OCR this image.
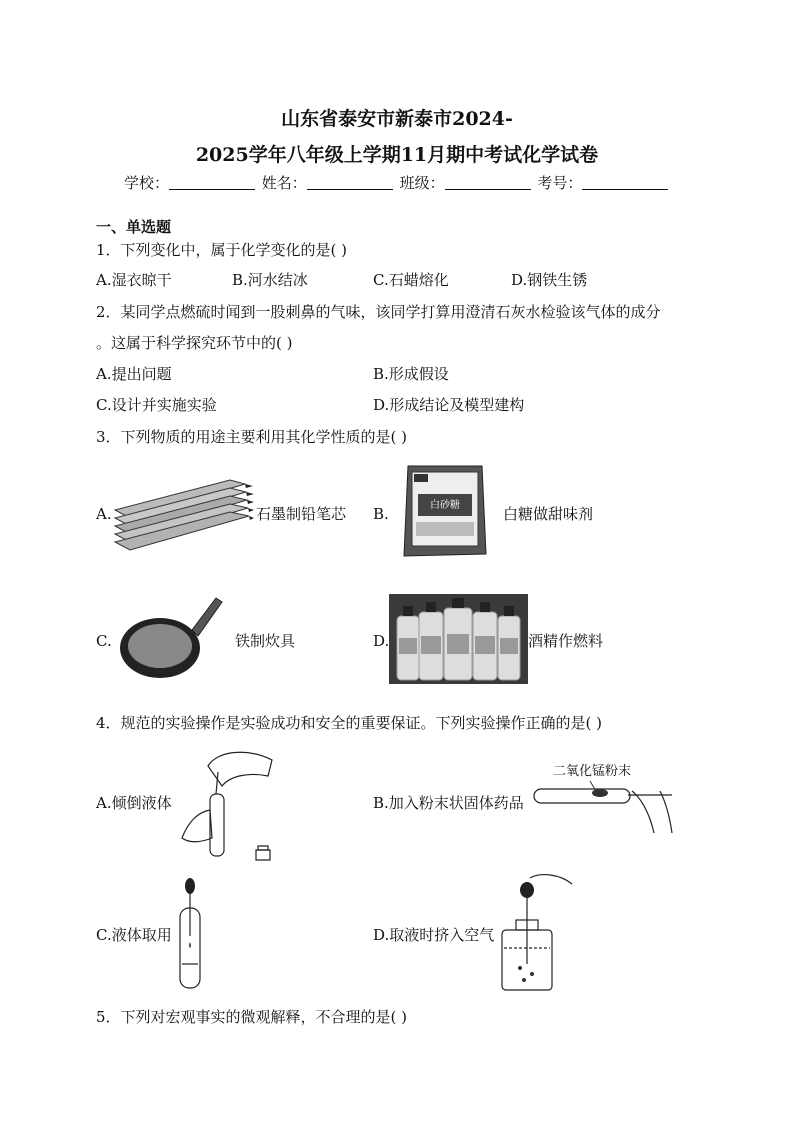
山东省泰安市新泰市2024-
2025学年八年级上学期11月期中考试化学试卷
学校：	姓名：	班级：	考号：
一、单选题
1．下列变化中，属于化学变化的是( )
A.湿衣晾干	B.河水结冰	C.石蜡熔化	D.钢铁生锈
2．某同学点燃硫时闻到一股刺鼻的气味，该同学打算用澄清石灰水检验该气体的成分
。这属于科学探究环节中的( )
A.提出问题	B.形成假设
C.设计并实施实验	D.形成结论及模型建构
3．下列物质的用途主要利用其化学性质的是( )
A.	石墨制铅笔芯 B.	白砂糖	白糖做甜味剂
C.	铁制炊具	D.	酒精作燃料
4．规范的实验操作是实验成功和安全的重要保证。下列实验操作正确的是( )
A.倾倒液体	B.加入粉末状固体药品
二氧化锰粉末
C.液体取用	D.取液时挤入空气
5．下列对宏观事实的微观解释，不合理的是( )
